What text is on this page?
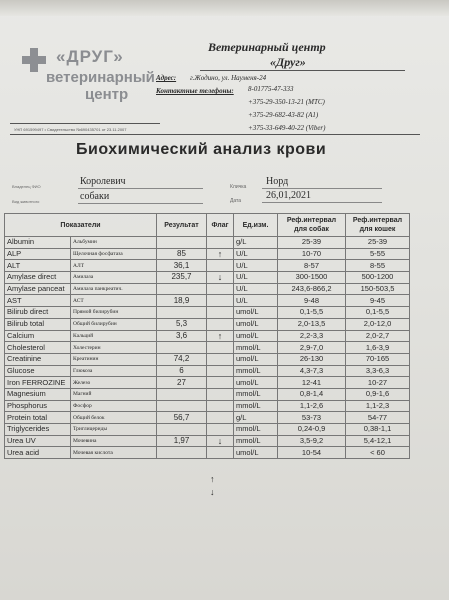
«ДРУГ»
ветеринарный
центр
Ветеринарный центр
«Друг»
Адрес: г.Жодино, ул. Науменя-24
Контактные телефоны: 8-01775-47-333
+375-29-350-13-21 (МТС)
+375-29-682-43-82 (A1)
+375-33-649-40-22 (Viber)
УНП 691599497 • Свидетельство №690435701 от 23.11.2007
Биохимический анализ крови
Владелец ФИО	Королевич
Вид животного	собаки
Кличка Норд
Дата 26,01,2021
Показатели		Результат	Флаг	Ед.изм.	Реф.интервал для собак	Реф.интервал для кошек
Albumin	Альбумин			g/L	25-39	25-39
ALP	Щелочная фосфатаза	85	↑	U/L	10-70	5-55
ALT	АЛТ	36,1		U/L	8-57	8-55
Amylase direct	Амилаза	235,7	↓	U/L	300-1500	500-1200
Amylase panceat	Амилаза панкреатич.			U/L	243,6-866,2	150-503,5
AST	АСТ	18,9		U/L	9-48	9-45
Bilirub direct	Прямой билирубин			umol/L	0,1-5,5	0,1-5,5
Bilirub total	Общий билирубин	5,3		umol/L	2,0-13,5	2,0-12,0
Calcium	Кальций	3,6	↑	umol/L	2,2-3,3	2,0-2,7
Cholesterol	Холестерин			mmol/L	2,9-7,0	1,6-3,9
Creatinine	Креатинин	74,2		umol/L	26-130	70-165
Glucose	Глюкоза	6		mmol/L	4,3-7,3	3,3-6,3
Iron FERROZINE	Железо	27		umol/L	12-41	10-27
Magnesium	Магний			mmol/L	0,8-1,4	0,9-1,6
Phosphorus	Фосфор			mmol/L	1,1-2,6	1,1-2,3
Protein total	Общий белок	56,7		g/L	53-73	54-77
Triglycerides	Триглицериды			mmol/L	0,24-0,9	0,38-1,1
Urea UV	Мочевина	1,97	↓	mmol/L	3,5-9,2	5,4-12,1
Urea acid	Мочевая кислота			umol/L	10-54	< 60
↑
↓
